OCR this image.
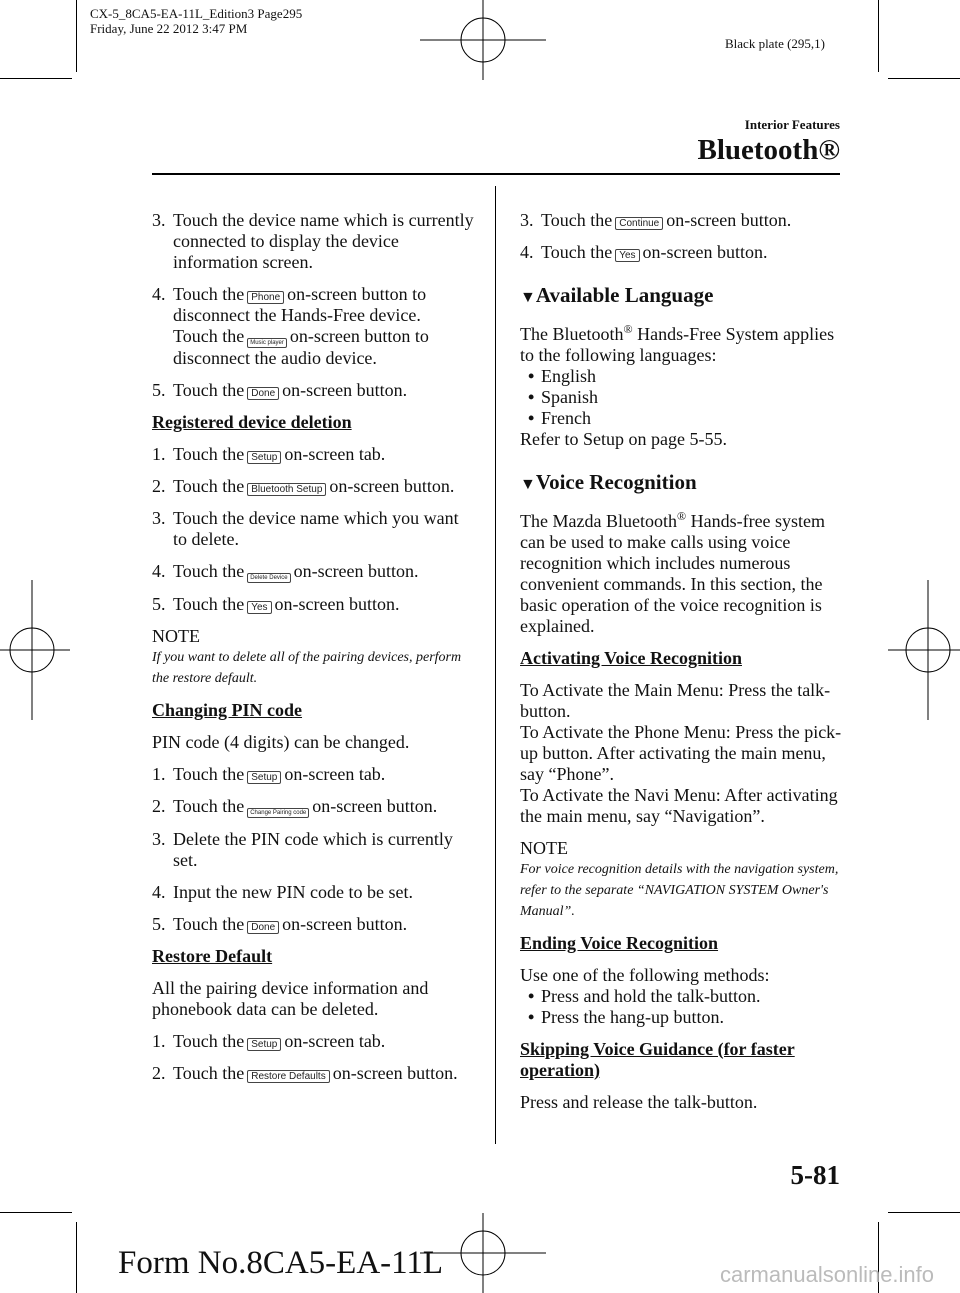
CX-5_8CA5-EA-11L_Edition3 Page295
Friday, June 22 2012 3:47 PM
Black plate (295,1)
Interior Features
Bluetooth®

3. Touch the device name which is currently connected to display the device information screen.

4. Touch the Phone on-screen button to disconnect the Hands-Free device.

Touch the Music player on-screen button to disconnect the audio device.

5. Touch the Done on-screen button.

Registered device deletion

1. Touch the Setup on-screen tab.

2. Touch the Bluetooth Setup on-screen button.

3. Touch the device name which you want to delete.

4. Touch the Delete Device on-screen button.

5. Touch the Yes on-screen button.

NOTE

If you want to delete all of the pairing devices, perform the restore default.

Changing PIN code

PIN code (4 digits) can be changed.

1. Touch the Setup on-screen tab.

2. Touch the Change Pairing code on-screen button.

3. Delete the PIN code which is currently set.

4. Input the new PIN code to be set.

5. Touch the Done on-screen button.

Restore Default

All the pairing device information and phonebook data can be deleted.

1. Touch the Setup on-screen tab.

2. Touch the Restore Defaults on-screen button.

3. Touch the Continue on-screen button.

4. Touch the Yes on-screen button.

▼Available Language

The Bluetooth® Hands-Free System applies to the following languages:

• English

• Spanish

• French

Refer to Setup on page 5-55.

▼Voice Recognition

The Mazda Bluetooth® Hands-free system can be used to make calls using voice recognition which includes numerous convenient commands. In this section, the basic operation of the voice recognition is explained.

Activating Voice Recognition

To Activate the Main Menu: Press the talk-button.

To Activate the Phone Menu: Press the pick-up button. After activating the main menu, say “Phone”.

To Activate the Navi Menu: After activating the main menu, say “Navigation”.

NOTE

For voice recognition details with the navigation system, refer to the separate “NAVIGATION SYSTEM Owner's Manual”.

Ending Voice Recognition

Use one of the following methods:

• Press and hold the talk-button.

• Press the hang-up button.

Skipping Voice Guidance (for faster operation)

Press and release the talk-button.

5-81
Form No.8CA5-EA-11L	carmanualsonline.info
